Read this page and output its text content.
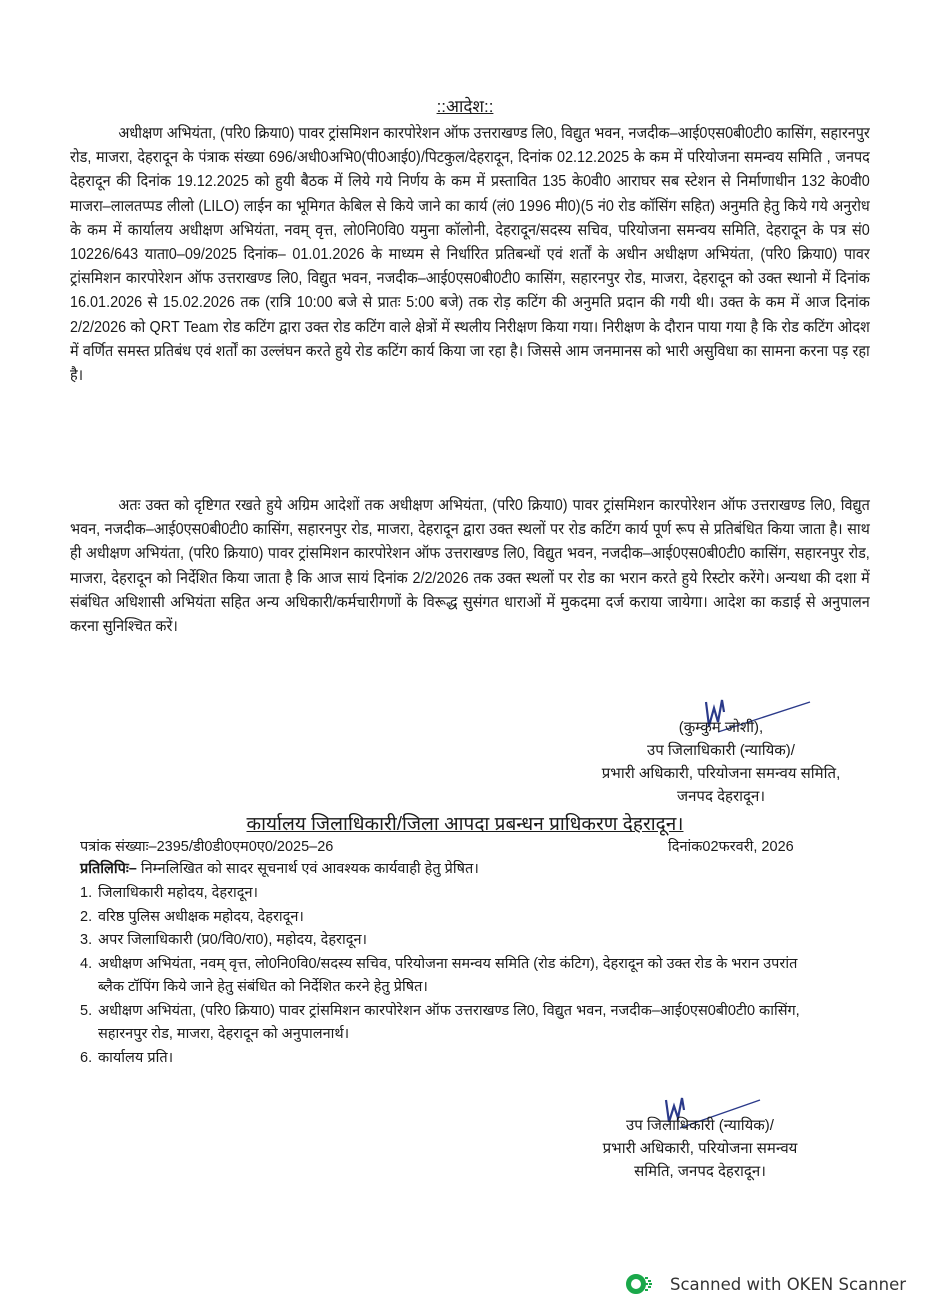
::आदेश::
अधीक्षण अभियंता, (परि0 क्रिया0) पावर ट्रांसमिशन कारपोरेशन ऑफ उत्तराखण्ड लि0, विद्युत भवन, नजदीक–आई0एस0बी0टी0 कासिंग, सहारनपुर रोड, माजरा, देहरादून के पंत्राक संख्या 696/अधी0अभि0(पी0आई0)/पिटकुल/देहरादून, दिनांक 02.12.2025 के कम में परियोजना समन्वय समिति , जनपद देहरादून की दिनांक 19.12.2025 को हुयी बैठक में लिये गये निर्णय के कम में प्रस्तावित 135 के0वी0 आराघर सब स्टेशन से निर्माणाधीन 132 के0वी0 माजरा–लालतप्पड लीलो (LILO) लाईन का भूमिगत केबिल से किये जाने का कार्य (लं0 1996 मी0)(5 नं0 रोड कॉसिंग सहित) अनुमति हेतु किये गये अनुरोध के कम में कार्यालय अधीक्षण अभियंता, नवम् वृत्त, लो0नि0वि0 यमुना कॉलोनी, देहरादून/सदस्य सचिव, परियोजना समन्वय समिति, देहरादून के पत्र सं0 10226/643 याता0–09/2025 दिनांक– 01.01.2026 के माध्यम से निर्धारित प्रतिबन्धों एवं शर्तों के अधीन अधीक्षण अभियंता, (परि0 क्रिया0) पावर ट्रांसमिशन कारपोरेशन ऑफ उत्तराखण्ड लि0, विद्युत भवन, नजदीक–आई0एस0बी0टी0 कासिंग, सहारनपुर रोड, माजरा, देहरादून को उक्त स्थानो में दिनांक 16.01.2026 से 15.02.2026 तक (रात्रि 10:00 बजे से प्रातः 5:00 बजे) तक रोड़ कटिंग की अनुमति प्रदान की गयी थी। उक्त के कम में आज दिनांक 2/2/2026 को QRT Team रोड कटिंग द्वारा उक्त रोड कटिंग वाले क्षेत्रों में स्थलीय निरीक्षण किया गया। निरीक्षण के दौरान पाया गया है कि रोड कटिंग ओदश में वर्णित समस्त प्रतिबंध एवं शर्तों का उल्लंघन करते हुये रोड कटिंग कार्य किया जा रहा है। जिससे आम जनमानस को भारी असुविधा का सामना करना पड़ रहा है।
अतः उक्त को दृष्टिगत रखते हुये अग्रिम आदेशों तक अधीक्षण अभियंता, (परि0 क्रिया0) पावर ट्रांसमिशन कारपोरेशन ऑफ उत्तराखण्ड लि0, विद्युत भवन, नजदीक–आई0एस0बी0टी0 कासिंग, सहारनपुर रोड, माजरा, देहरादून द्वारा उक्त स्थलों पर रोड कटिंग कार्य पूर्ण रूप से प्रतिबंधित किया जाता है। साथ ही अधीक्षण अभियंता, (परि0 क्रिया0) पावर ट्रांसमिशन कारपोरेशन ऑफ उत्तराखण्ड लि0, विद्युत भवन, नजदीक–आई0एस0बी0टी0 कासिंग, सहारनपुर रोड, माजरा, देहरादून को निर्देशित किया जाता है कि आज सायं दिनांक 2/2/2026 तक उक्त स्थलों पर रोड का भरान करते हुये रिस्टोर करेंगे। अन्यथा की दशा में संबंधित अधिशासी अभियंता सहित अन्य अधिकारी/कर्मचारीगणों के विरूद्ध सुसंगत धाराओं में मुकदमा दर्ज कराया जायेगा। आदेश का कडाई से अनुपालन करना सुनिश्चित करें।
(कुम्कुम जोशी),
उप जिलाधिकारी (न्यायिक)/
प्रभारी अधिकारी, परियोजना समन्वय समिति,
जनपद देहरादून।
कार्यालय जिलाधिकारी/जिला आपदा प्रबन्धन प्राधिकरण देहरादून।
पत्रांक संख्याः–2395/डी0डी0एम0ए0/2025–26	दिनांक02फरवरी, 2026
प्रतिलिपिः– निम्नलिखित को सादर सूचनार्थ एवं आवश्यक कार्यवाही हेतु प्रेषित।
1. जिलाधिकारी महोदय, देहरादून।
2. वरिष्ठ पुलिस अधीक्षक महोदय, देहरादून।
3. अपर जिलाधिकारी (प्र0/वि0/रा0), महोदय, देहरादून।
4. अधीक्षण अभियंता, नवम् वृत्त, लो0नि0वि0/सदस्य सचिव, परियोजना समन्वय समिति (रोड कंटिग), देहरादून को उक्त रोड के भरान उपरांत ब्लैक टॉपिंग किये जाने हेतु संबंधित को निर्देशित करने हेतु प्रेषित।
5. अधीक्षण अभियंता, (परि0 क्रिया0) पावर ट्रांसमिशन कारपोरेशन ऑफ उत्तराखण्ड लि0, विद्युत भवन, नजदीक–आई0एस0बी0टी0 कासिंग, सहारनपुर रोड, माजरा, देहरादून को अनुपालनार्थ।
6. कार्यालय प्रति।
उप जिलाधिकारी (न्यायिक)/
प्रभारी अधिकारी, परियोजना समन्वय
समिति, जनपद देहरादून।
Scanned with OKEN Scanner
